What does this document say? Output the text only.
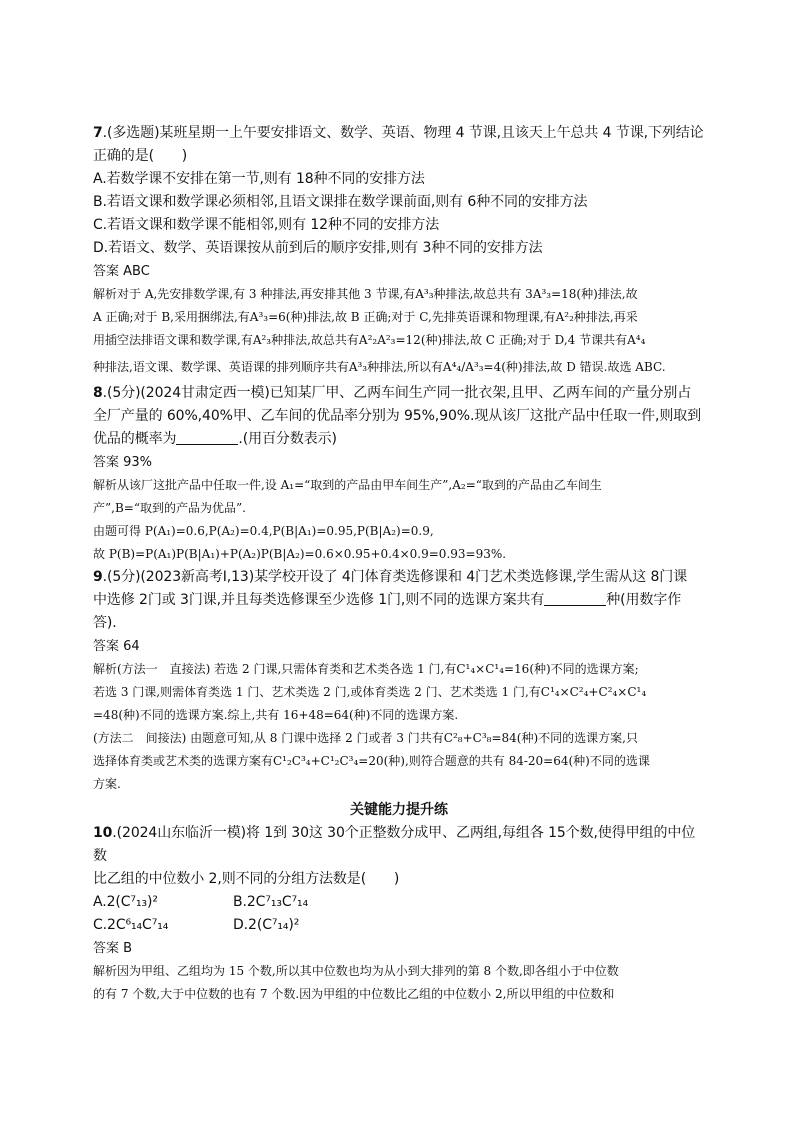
7.(多选题)某班星期一上午要安排语文、数学、英语、物理 4 节课,且该天上午总共 4 节课,下列结论

正确的是(　　)

A.若数学课不安排在第一节,则有 18种不同的安排方法

B.若语文课和数学课必须相邻,且语文课排在数学课前面,则有 6种不同的安排方法

C.若语文课和数学课不能相邻,则有 12种不同的安排方法

D.若语文、数学、英语课按从前到后的顺序安排,则有 3种不同的安排方法

答案 ABC

解析对于 A,先安排数学课,有 3 种排法,再安排其他 3 节课,有A³₃种排法,故总共有 3A³₃=18(种)排法,故

A 正确;对于 B,采用捆绑法,有A³₃=6(种)排法,故 B 正确;对于 C,先排英语课和物理课,有A²₂种排法,再采

用插空法排语文课和数学课,有A²₃种排法,故总共有A²₂A²₃=12(种)排法,故 C 正确;对于 D,4 节课共有A⁴₄

种排法,语文课、数学课、英语课的排列顺序共有A³₃种排法,所以有A⁴₄/A³₃=4(种)排法,故 D 错误.故选 ABC.

8.(5分)(2024甘肃定西一模)已知某厂甲、乙两车间生产同一批衣架,且甲、乙两车间的产量分别占

全厂产量的 60%,40%甲、乙车间的优品率分别为 95%,90%.现从该厂这批产品中任取一件,则取到

优品的概率为	.(用百分数表示)

答案 93%

解析从该厂这批产品中任取一件,设 A₁=“取到的产品由甲车间生产”,A₂=“取到的产品由乙车间生

产”,B=“取到的产品为优品”.

由题可得 P(A₁)=0.6,P(A₂)=0.4,P(B|A₁)=0.95,P(B|A₂)=0.9,

故 P(B)=P(A₁)P(B|A₁)+P(A₂)P(B|A₂)=0.6×0.95+0.4×0.9=0.93=93%.

9.(5分)(2023新高考Ⅰ,13)某学校开设了 4门体育类选修课和 4门艺术类选修课,学生需从这 8门课

中选修 2门或 3门课,并且每类选修课至少选修 1门,则不同的选课方案共有	种(用数字作

答).

答案 64

解析(方法一　直接法) 若选 2 门课,只需体育类和艺术类各选 1 门,有C¹₄×C¹₄=16(种)不同的选课方案;

若选 3 门课,则需体育类选 1 门、艺术类选 2 门,或体育类选 2 门、艺术类选 1 门,有C¹₄×C²₄+C²₄×C¹₄

=48(种)不同的选课方案.综上,共有 16+48=64(种)不同的选课方案.

(方法二　间接法) 由题意可知,从 8 门课中选择 2 门或者 3 门共有C²₈+C³₈=84(种)不同的选课方案,只

选择体育类或艺术类的选课方案有C¹₂C³₄+C¹₂C³₄=20(种),则符合题意的共有 84-20=64(种)不同的选课

方案.

关键能力提升练

10.(2024山东临沂一模)将 1到 30这 30个正整数分成甲、乙两组,每组各 15个数,使得甲组的中位数

比乙组的中位数小 2,则不同的分组方法数是(　　)

A.2(C⁷₁₃)²	B.2C⁷₁₃C⁷₁₄

C.2C⁶₁₄C⁷₁₄	D.2(C⁷₁₄)²

答案 B

解析因为甲组、乙组均为 15 个数,所以其中位数也均为从小到大排列的第 8 个数,即各组小于中位数

的有 7 个数,大于中位数的也有 7 个数.因为甲组的中位数比乙组的中位数小 2,所以甲组的中位数和
